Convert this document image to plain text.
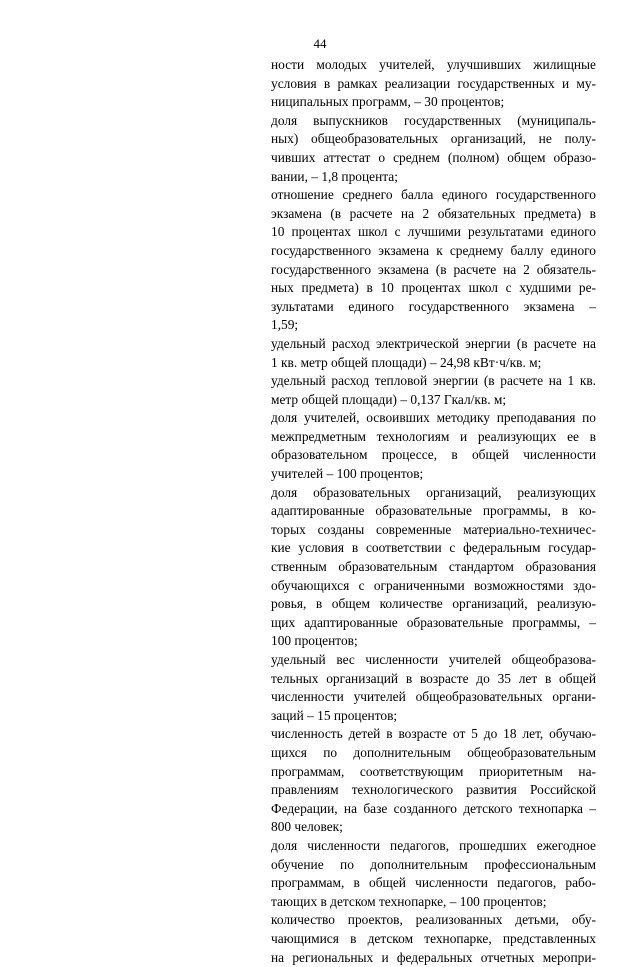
44

ности молодых учителей, улучшивших жилищные
условия в рамках реализации государственных и му-
ниципальных программ, – 30 процентов;

доля выпускников государственных (муниципаль-
ных) общеобразовательных организаций, не полу-
чивших аттестат о среднем (полном) общем образо-
вании, – 1,8 процента;

отношение среднего балла единого государственного
экзамена (в расчете на 2 обязательных предмета) в
10 процентах школ с лучшими результатами единого
государственного экзамена к среднему баллу единого
государственного экзамена (в расчете на 2 обязатель-
ных предмета) в 10 процентах школ с худшими ре-
зультатами единого государственного экзамена –
1,59;

удельный расход электрической энергии (в расчете на
1 кв. метр общей площади) – 24,98 кВт·ч/кв. м;

удельный расход тепловой энергии (в расчете на 1 кв.
метр общей площади) – 0,137 Гкал/кв. м;

доля учителей, освоивших методику преподавания по
межпредметным технологиям и реализующих ее в
образовательном процессе, в общей численности
учителей – 100 процентов;

доля образовательных организаций, реализующих
адаптированные образовательные программы, в ко-
торых созданы современные материально-техничес-
кие условия в соответствии с федеральным государ-
ственным образовательным стандартом образования
обучающихся с ограниченными возможностями здо-
ровья, в общем количестве организаций, реализую-
щих адаптированные образовательные программы, –
100 процентов;

удельный вес численности учителей общеобразова-
тельных организаций в возрасте до 35 лет в общей
численности учителей общеобразовательных органи-
заций – 15 процентов;

численность детей в возрасте от 5 до 18 лет, обучаю-
щихся по дополнительным общеобразовательным
программам, соответствующим приоритетным на-
правлениям технологического развития Российской
Федерации, на базе созданного детского технопарка –
800 человек;

доля численности педагогов, прошедших ежегодное
обучение по дополнительным профессиональным
программам, в общей численности педагогов, рабо-
тающих в детском технопарке, – 100 процентов;

количество проектов, реализованных детьми, обу-
чающимися в детском технопарке, представленных
на региональных и федеральных отчетных меропри-
